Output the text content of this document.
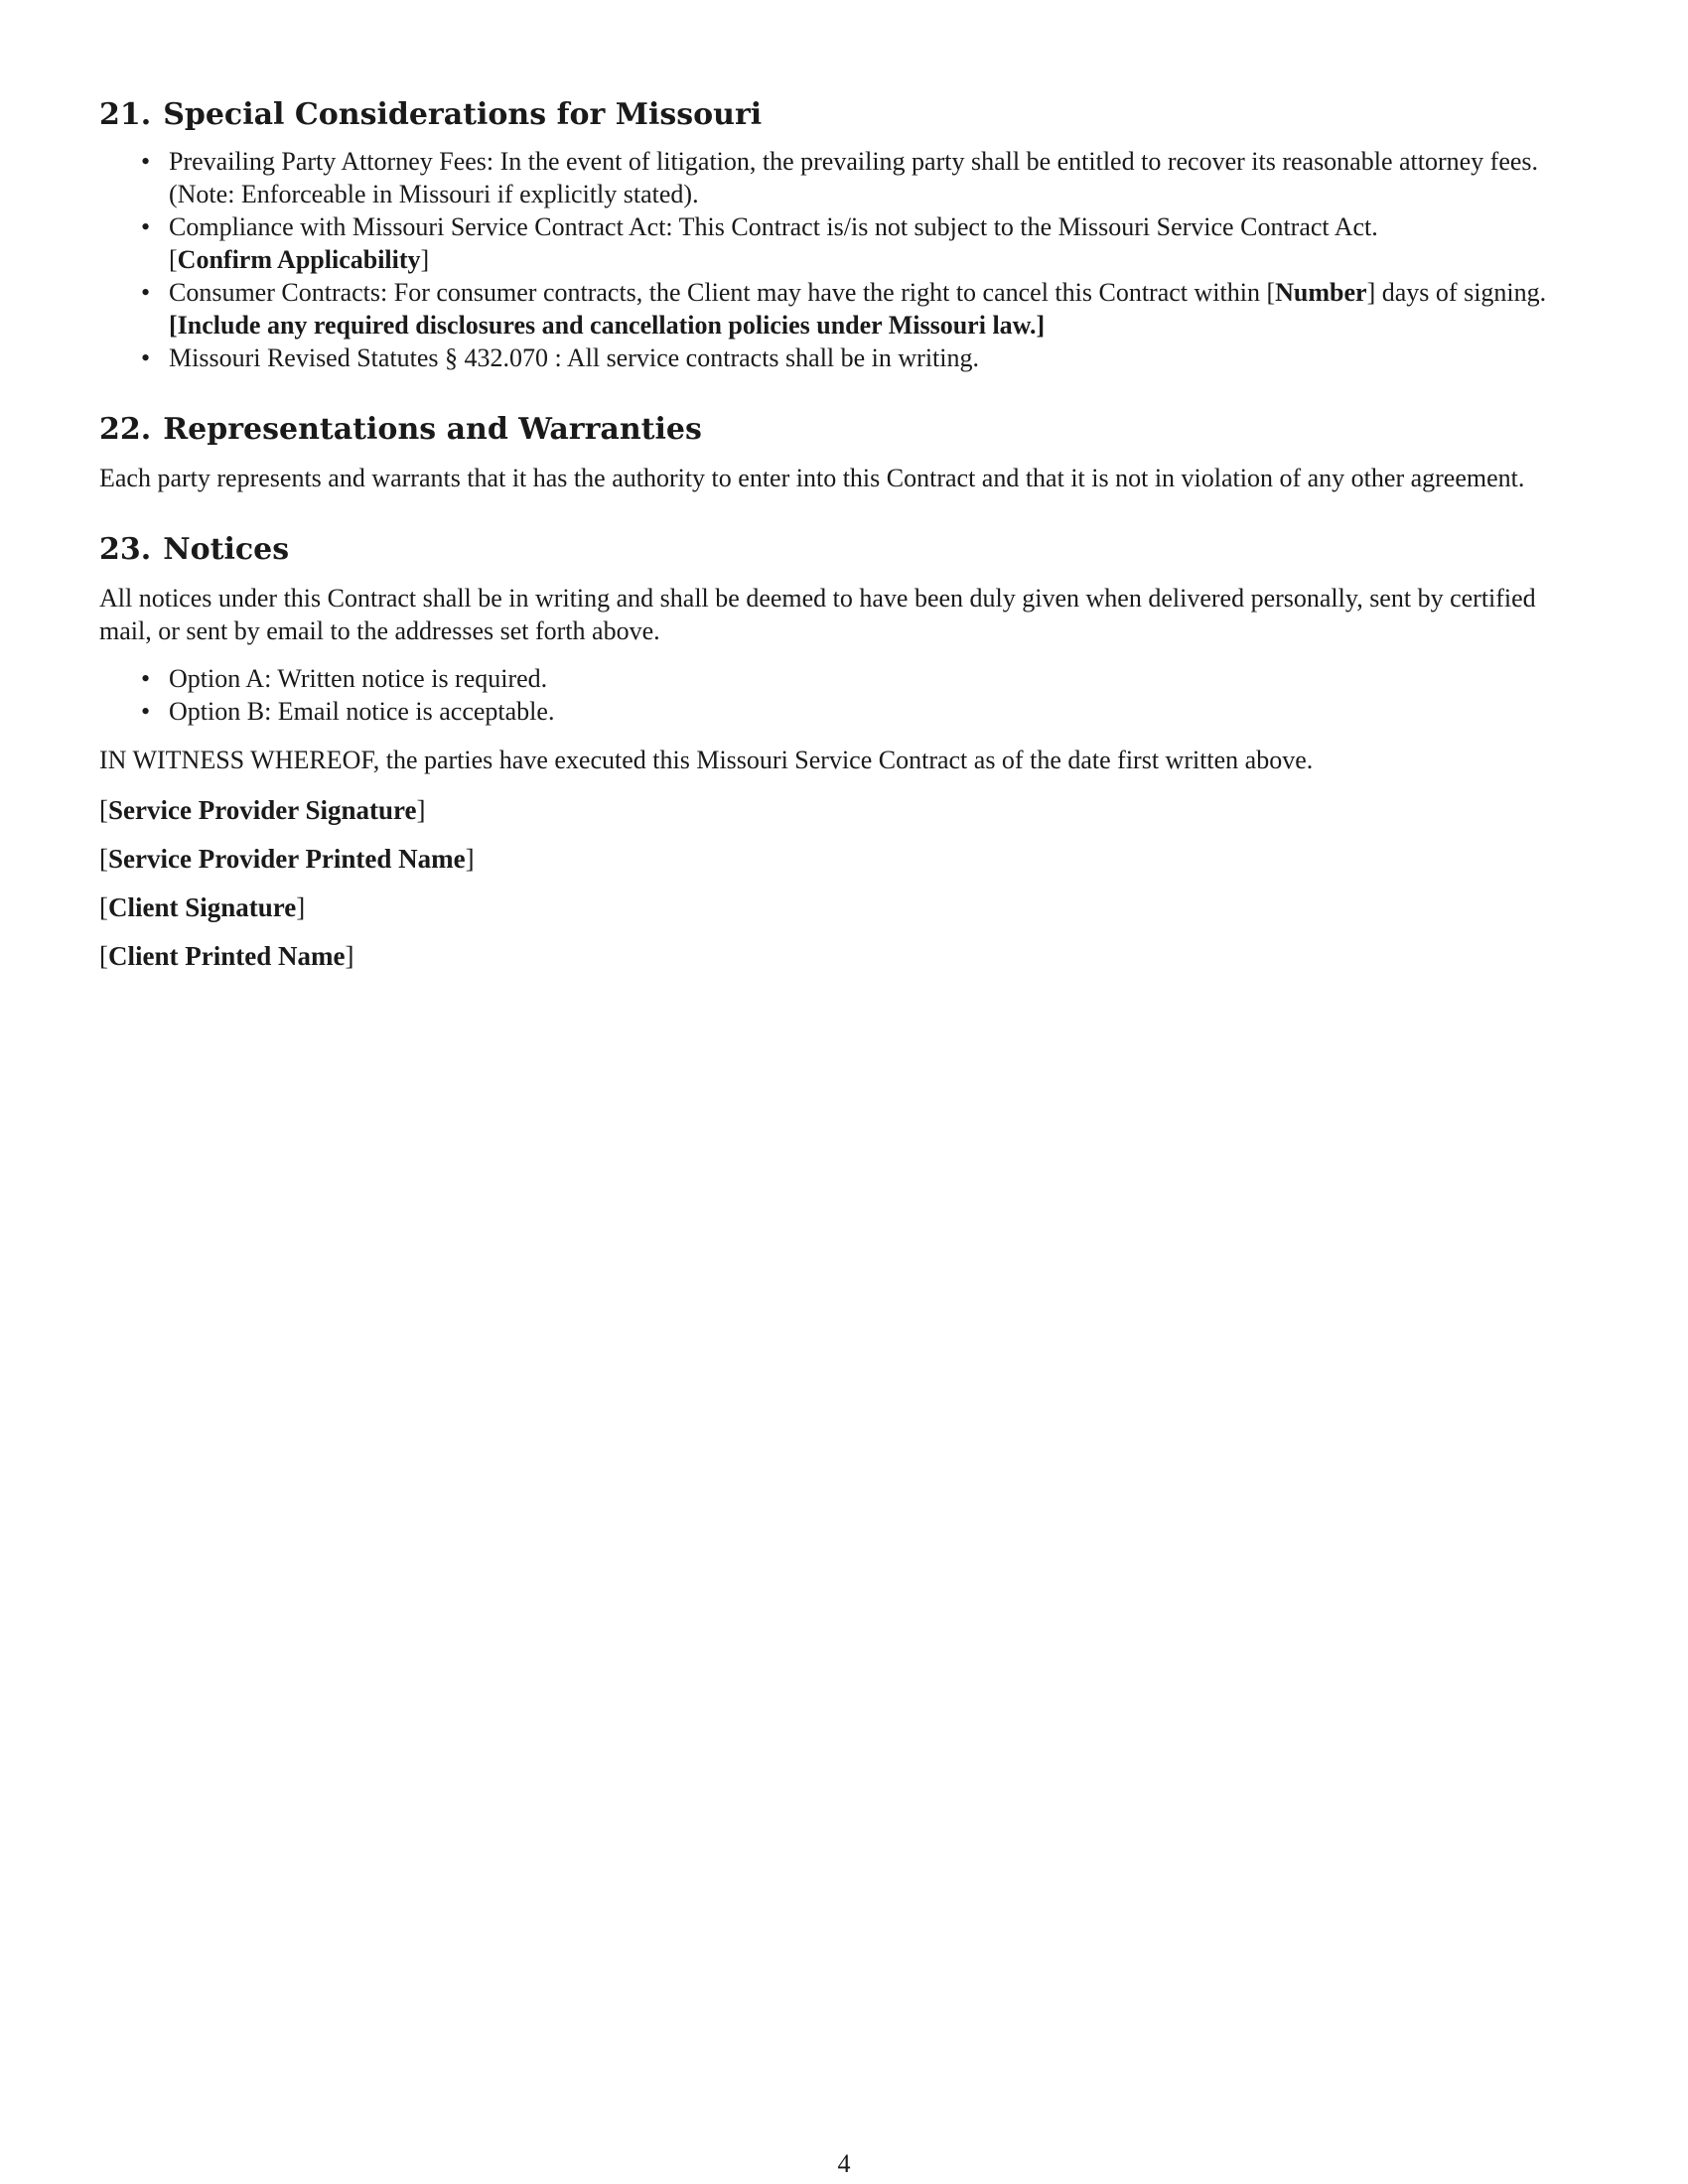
21. Special Considerations for Missouri
• Prevailing Party Attorney Fees: In the event of litigation, the prevailing party shall be entitled to recover its reasonable attorney fees. (Note: Enforceable in Missouri if explicitly stated).
• Compliance with Missouri Service Contract Act: This Contract is/is not subject to the Missouri Service Contract Act.
[Confirm Applicability]
• Consumer Contracts: For consumer contracts, the Client may have the right to cancel this Contract within [Number] days of signing. [Include any required disclosures and cancellation policies under Missouri law.]
• Missouri Revised Statutes § 432.070 : All service contracts shall be in writing.
22. Representations and Warranties

Each party represents and warrants that it has the authority to enter into this Contract and that it is not in violation of any other agreement.

23. Notices

All notices under this Contract shall be in writing and shall be deemed to have been duly given when delivered personally, sent by certified mail, or sent by email to the addresses set forth above.

• Option A: Written notice is required.
• Option B: Email notice is acceptable.

IN WITNESS WHEREOF, the parties have executed this Missouri Service Contract as of the date first written above.

[Service Provider Signature]

[Service Provider Printed Name]

[Client Signature]

[Client Printed Name]

4
